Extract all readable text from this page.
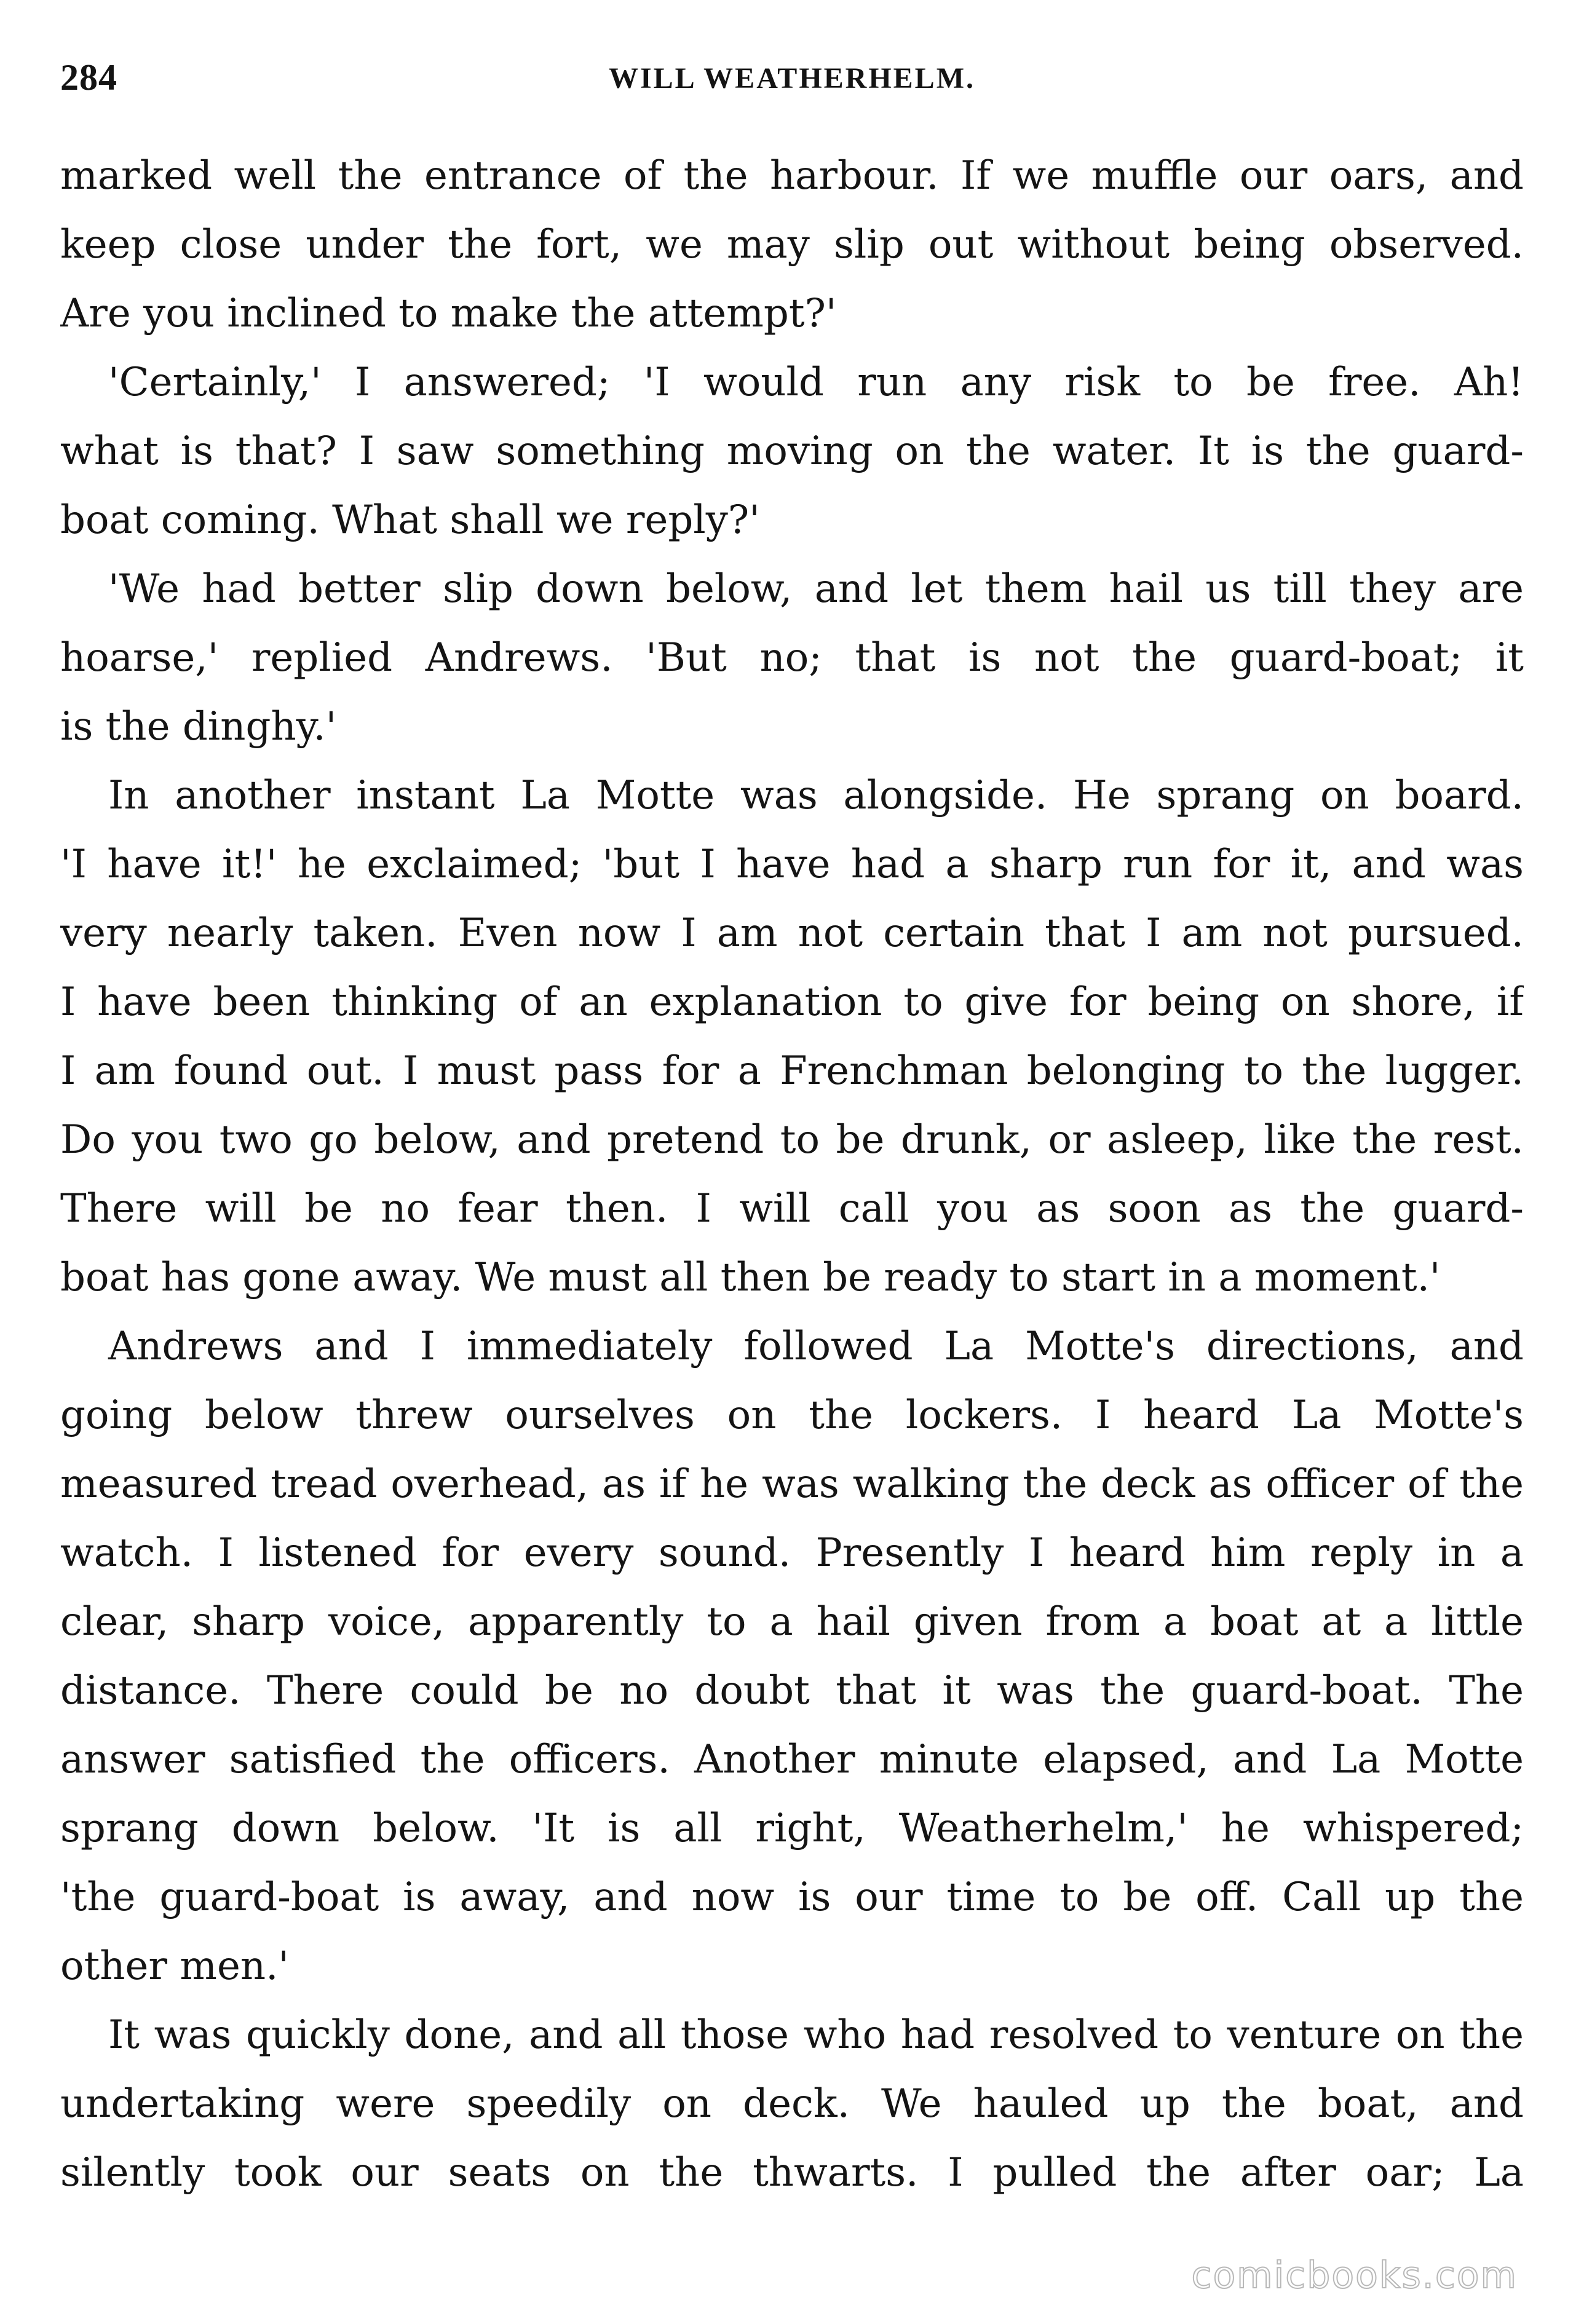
284	WILL WEATHERHELM.
marked well the entrance of the harbour. If we muffle our oars, and
keep close under the fort, we may slip out without being observed.
Are you inclined to make the attempt?'
'Certainly,' I answered; 'I would run any risk to be free. Ah!
what is that? I saw something moving on the water. It is the guard-
boat coming. What shall we reply?'
'We had better slip down below, and let them hail us till they are
hoarse,' replied Andrews. 'But no; that is not the guard-boat; it
is the dinghy.'
In another instant La Motte was alongside. He sprang on board.
'I have it!' he exclaimed; 'but I have had a sharp run for it, and was
very nearly taken. Even now I am not certain that I am not pursued.
I have been thinking of an explanation to give for being on shore, if
I am found out. I must pass for a Frenchman belonging to the lugger.
Do you two go below, and pretend to be drunk, or asleep, like the rest.
There will be no fear then. I will call you as soon as the guard-
boat has gone away. We must all then be ready to start in a moment.'
Andrews and I immediately followed La Motte's directions, and
going below threw ourselves on the lockers. I heard La Motte's
measured tread overhead, as if he was walking the deck as officer of the
watch. I listened for every sound. Presently I heard him reply in a
clear, sharp voice, apparently to a hail given from a boat at a little
distance. There could be no doubt that it was the guard-boat. The
answer satisfied the officers. Another minute elapsed, and La Motte
sprang down below. 'It is all right, Weatherhelm,' he whispered;
'the guard-boat is away, and now is our time to be off. Call up the
other men.'
It was quickly done, and all those who had resolved to venture on the
undertaking were speedily on deck. We hauled up the boat, and
silently took our seats on the thwarts. I pulled the after oar; La
comicbooks.com
